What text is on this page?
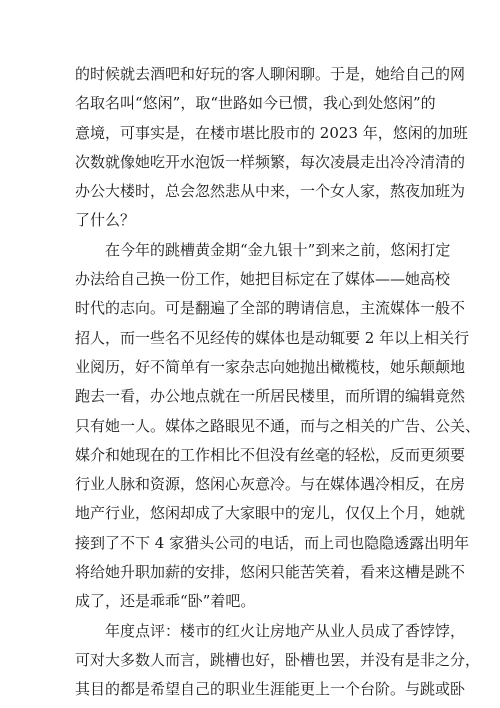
的时候就去酒吧和好玩的客人聊闲聊。于是，她给自己的网
名取名叫“悠闲”，取“世路如今已惯，我心到处悠闲”的
意境，可事实是，在楼市堪比股市的 2023 年，悠闲的加班
次数就像她吃开水泡饭一样频繁，每次凌晨走出冷冷清清的
办公大楼时，总会忽然悲从中来，一个女人家，熬夜加班为
了什么？
在今年的跳槽黄金期“金九银十”到来之前，悠闲打定
办法给自己换一份工作，她把目标定在了媒体——她高校
时代的志向。可是翻遍了全部的聘请信息，主流媒体一般不
招人，而一些名不见经传的媒体也是动辄要 2 年以上相关行
业阅历，好不简单有一家杂志向她抛出橄榄枝，她乐颠颠地
跑去一看，办公地点就在一所居民楼里，而所谓的编辑竟然
只有她一人。媒体之路眼见不通，而与之相关的广告、公关、
媒介和她现在的工作相比不但没有丝毫的轻松，反而更须要
行业人脉和资源，悠闲心灰意冷。与在媒体遇冷相反，在房
地产行业，悠闲却成了大家眼中的宠儿，仅仅上个月，她就
接到了不下 4 家猎头公司的电话，而上司也隐隐透露出明年
将给她升职加薪的安排，悠闲只能苦笑着，看来这槽是跳不
成了，还是乖乖“卧”着吧。
年度点评：楼市的红火让房地产从业人员成了香饽饽，
可对大多数人而言，跳槽也好，卧槽也罢，并没有是非之分，
其目的都是希望自己的职业生涯能更上一个台阶。与跳或卧
